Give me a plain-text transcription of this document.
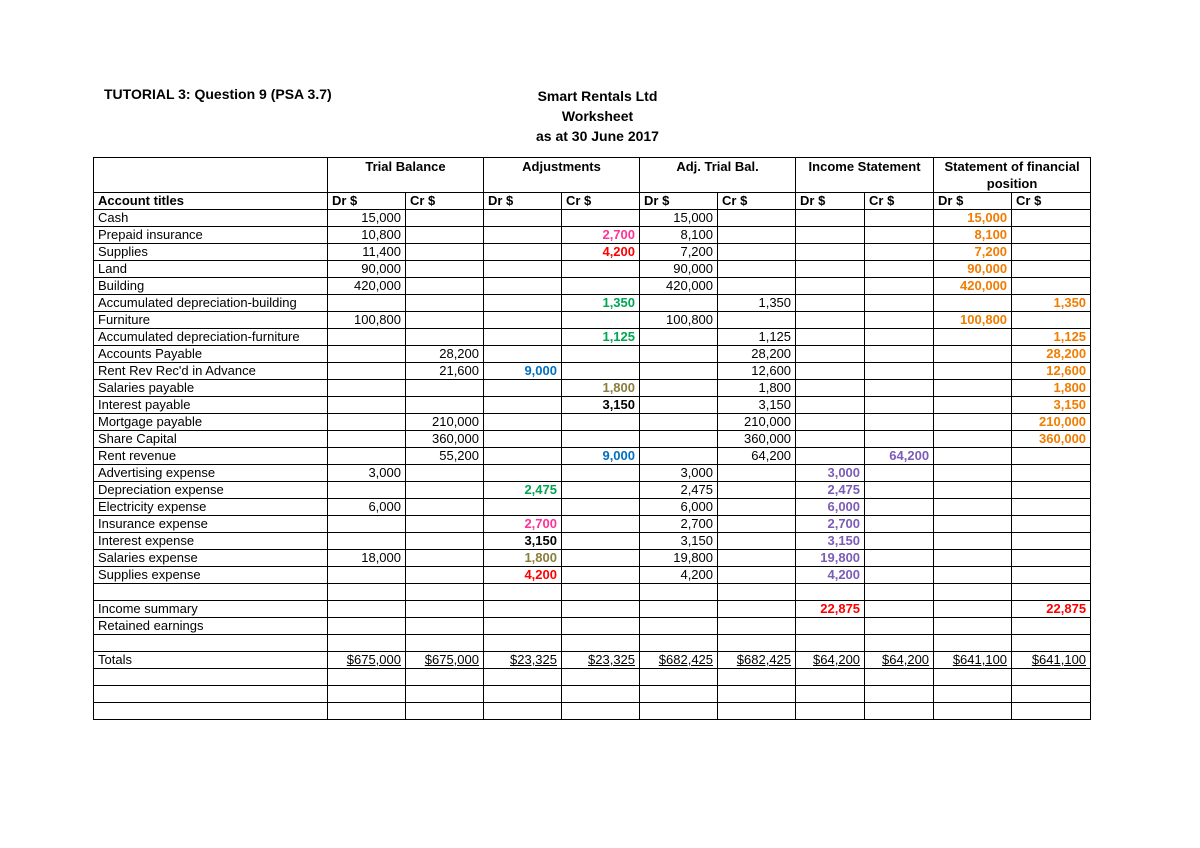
TUTORIAL 3: Question 9 (PSA 3.7)	Smart Rentals Ltd
Worksheet
as at 30 June 2017
	Trial Balance		Adjustments		Adj. Trial Bal.		Income Statement		Statement of financial position	
Account titles	Dr $	Cr $	Dr $	Cr $	Dr $	Cr $	Dr $	Cr $	Dr $	Cr $
Cash	15,000				15,000				15,000	
Prepaid insurance	10,800			2,700	8,100				8,100	
Supplies	11,400			4,200	7,200				7,200	
Land	90,000				90,000				90,000	
Building	420,000				420,000				420,000	
Accumulated depreciation-building				1,350		1,350				1,350
Furniture	100,800				100,800				100,800	
Accumulated depreciation-furniture				1,125		1,125				1,125
Accounts Payable		28,200				28,200				28,200
Rent Rev Rec'd in Advance		21,600	9,000			12,600				12,600
Salaries payable				1,800		1,800				1,800
Interest payable				3,150		3,150				3,150
Mortgage payable		210,000				210,000				210,000
Share Capital		360,000				360,000				360,000
Rent revenue		55,200		9,000		64,200		64,200		
Advertising expense	3,000				3,000		3,000			
Depreciation expense			2,475		2,475		2,475			
Electricity expense	6,000				6,000		6,000			
Insurance expense			2,700		2,700		2,700			
Interest expense			3,150		3,150		3,150			
Salaries expense	18,000		1,800		19,800		19,800			
Supplies expense			4,200		4,200		4,200			

Income summary							22,875			22,875
Retained earnings										

Totals	$675,000	$675,000	$23,325	$23,325	$682,425	$682,425	$64,200	$64,200	$641,100	$641,100
